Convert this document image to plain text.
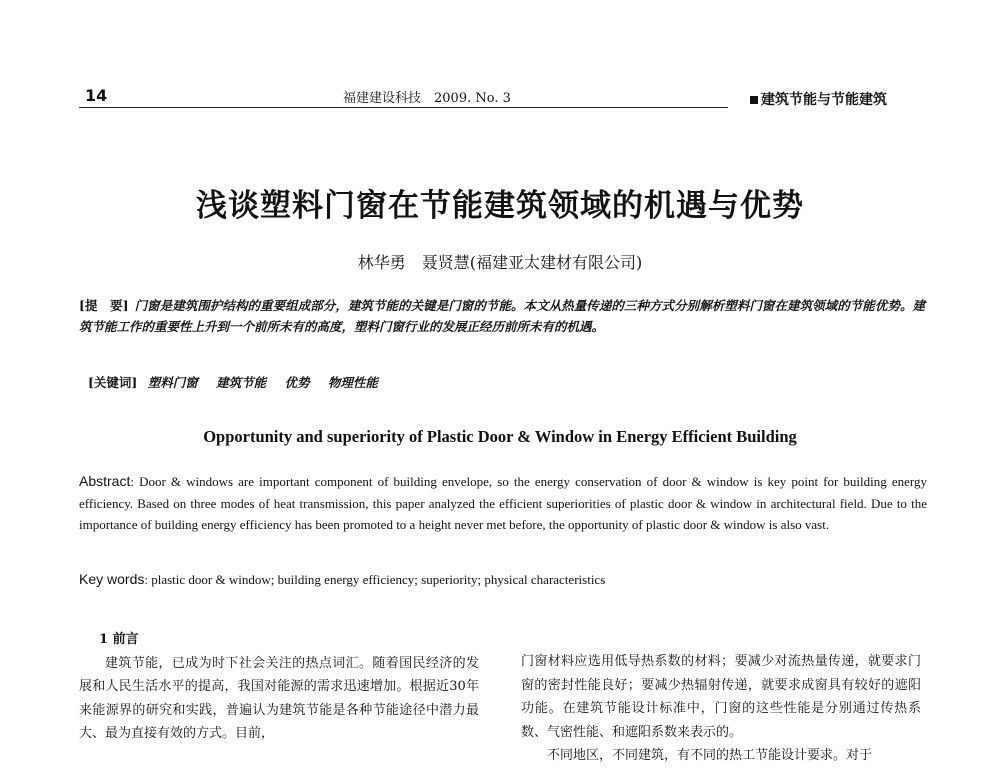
14	福建建设科技　2009. No. 3	建筑节能与节能建筑
浅谈塑料门窗在节能建筑领域的机遇与优势
林华勇　聂贤慧(福建亚太建材有限公司)
[提　要] 门窗是建筑围护结构的重要组成部分，建筑节能的关键是门窗的节能。本文从热量传递的三种方式分别解析塑料门窗在建筑领域的节能优势。建筑节能工作的重要性上升到一个前所未有的高度，塑料门窗行业的发展正经历前所未有的机遇。
[关键词] 塑料门窗 建筑节能 优势 物理性能
Opportunity and superiority of Plastic Door & Window in Energy Efficient Building
Abstract: Door & windows are important component of building envelope, so the energy conservation of door & window is key point for building energy efficiency. Based on three modes of heat transmission, this paper analyzed the efficient superiorities of plastic door & window in architectural field. Due to the importance of building energy efficiency has been promoted to a height never met before, the opportunity of plastic door & window is also vast.
Key words: plastic door & window; building energy efficiency; superiority; physical characteristics
1 前言

建筑节能，已成为时下社会关注的热点词汇。随着国民经济的发展和人民生活水平的提高，我国对能源的需求迅速增加。根据近30年来能源界的研究和实践，普遍认为建筑节能是各种节能途径中潜力最大、最为直接有效的方式。目前，

门窗材料应选用低导热系数的材料；要减少对流热量传递，就要求门窗的密封性能良好；要减少热辐射传递，就要求成窗具有较好的遮阳功能。在建筑节能设计标准中，门窗的这些性能是分别通过传热系数、气密性能、和遮阳系数来表示的。

不同地区，不同建筑，有不同的热工节能设计要求。对于
